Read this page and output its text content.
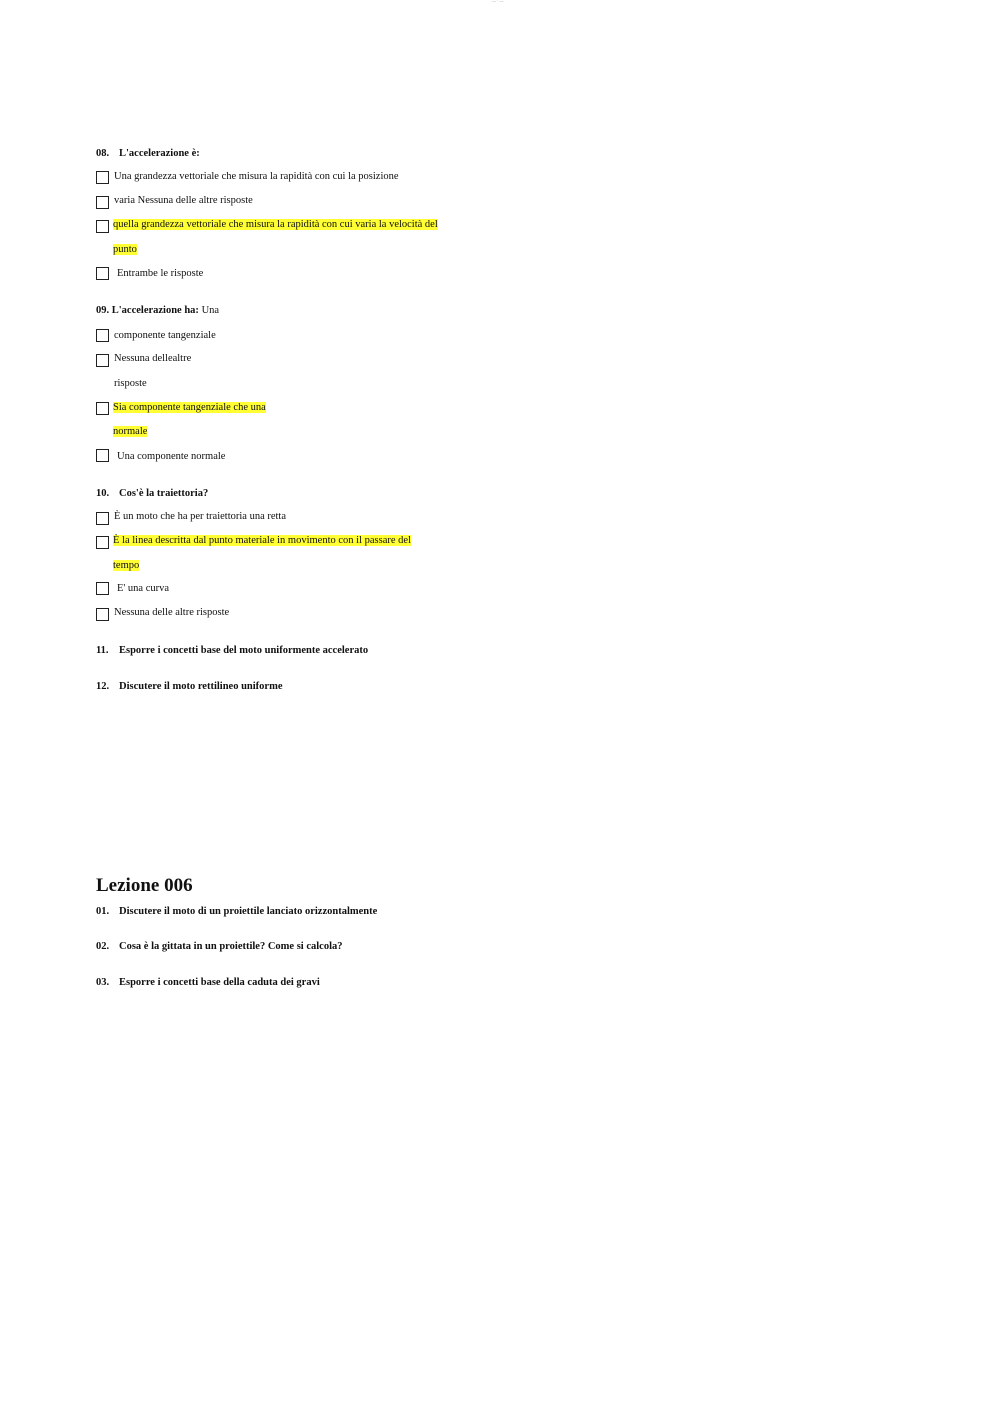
— · —
08. L'accelerazione è:
Una grandezza vettoriale che misura la rapidità con cui la posizione
varia Nessuna delle altre risposte
quella grandezza vettoriale che misura la rapidità con cui varia la velocità del
punto
Entrambe le risposte
09. L'accelerazione ha: Una
componente tangenziale
Nessuna dellealtre
risposte
Sia componente tangenziale che una
normale
Una componente normale
10. Cos'è la traiettoria?
È un moto che ha per traiettoria una retta
È la linea descritta dal punto materiale in movimento con il passare del
tempo
E' una curva
Nessuna delle altre risposte
11. Esporre i concetti base del moto uniformente accelerato
12. Discutere il moto rettilineo uniforme
Lezione 006
01. Discutere il moto di un proiettile lanciato orizzontalmente
02. Cosa è la gittata in un proiettile? Come si calcola?
03. Esporre i concetti base della caduta dei gravi
